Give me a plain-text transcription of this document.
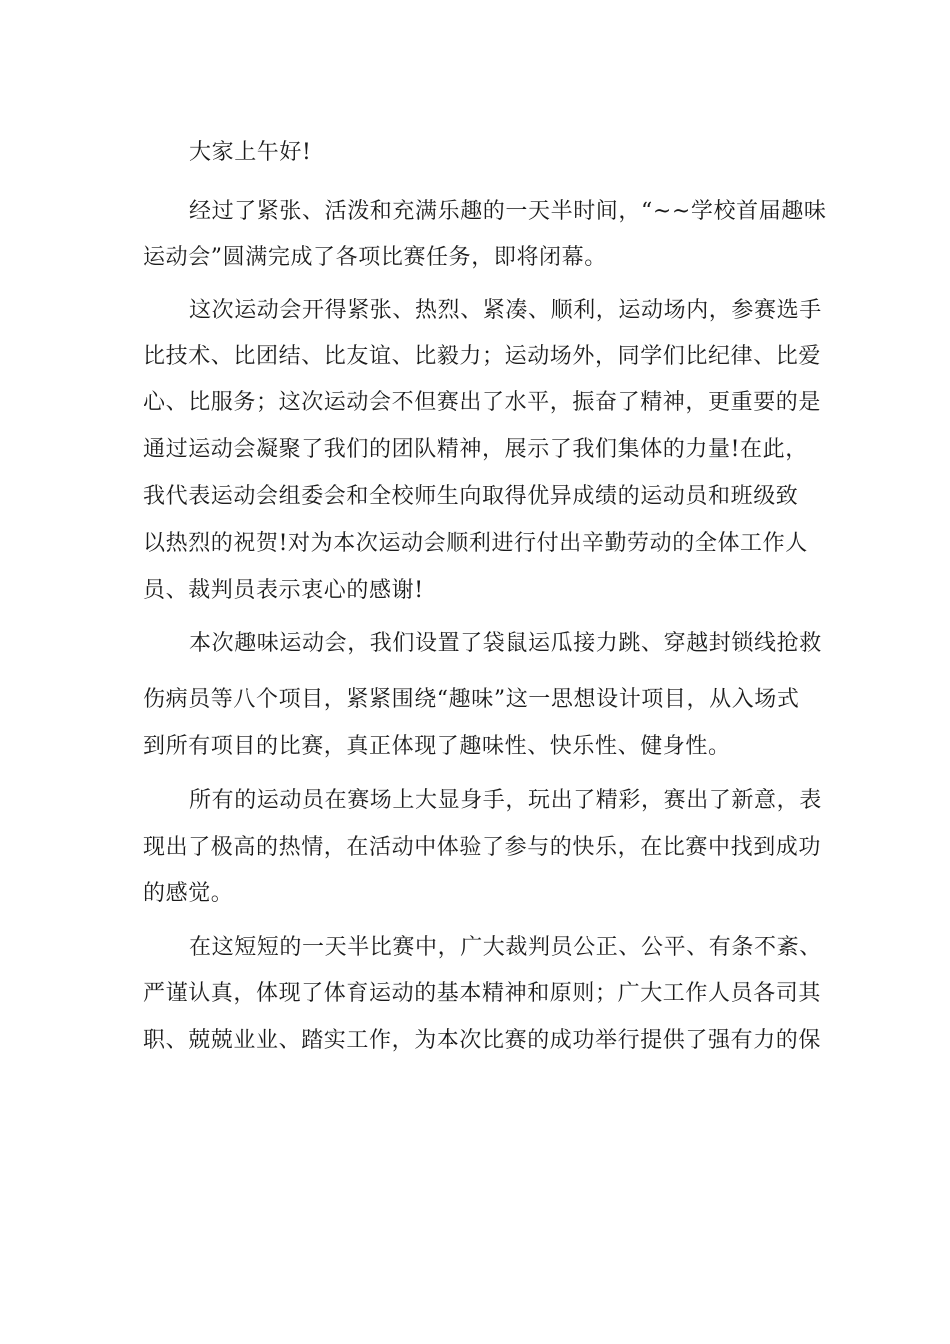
大家上午好!
经过了紧张、活泼和充满乐趣的一天半时间，“~~学校首届趣味
运动会”圆满完成了各项比赛任务，即将闭幕。
这次运动会开得紧张、热烈、紧凑、顺利，运动场内，参赛选手
比技术、比团结、比友谊、比毅力；运动场外，同学们比纪律、比爱
心、比服务；这次运动会不但赛出了水平，振奋了精神，更重要的是
通过运动会凝聚了我们的团队精神，展示了我们集体的力量!在此，
我代表运动会组委会和全校师生向取得优异成绩的运动员和班级致
以热烈的祝贺!对为本次运动会顺利进行付出辛勤劳动的全体工作人
员、裁判员表示衷心的感谢!
本次趣味运动会，我们设置了袋鼠运瓜接力跳、穿越封锁线抢救
伤病员等八个项目，紧紧围绕“趣味”这一思想设计项目，从入场式
到所有项目的比赛，真正体现了趣味性、快乐性、健身性。
所有的运动员在赛场上大显身手，玩出了精彩，赛出了新意，表
现出了极高的热情，在活动中体验了参与的快乐，在比赛中找到成功
的感觉。
在这短短的一天半比赛中，广大裁判员公正、公平、有条不紊、
严谨认真，体现了体育运动的基本精神和原则；广大工作人员各司其
职、兢兢业业、踏实工作，为本次比赛的成功举行提供了强有力的保
